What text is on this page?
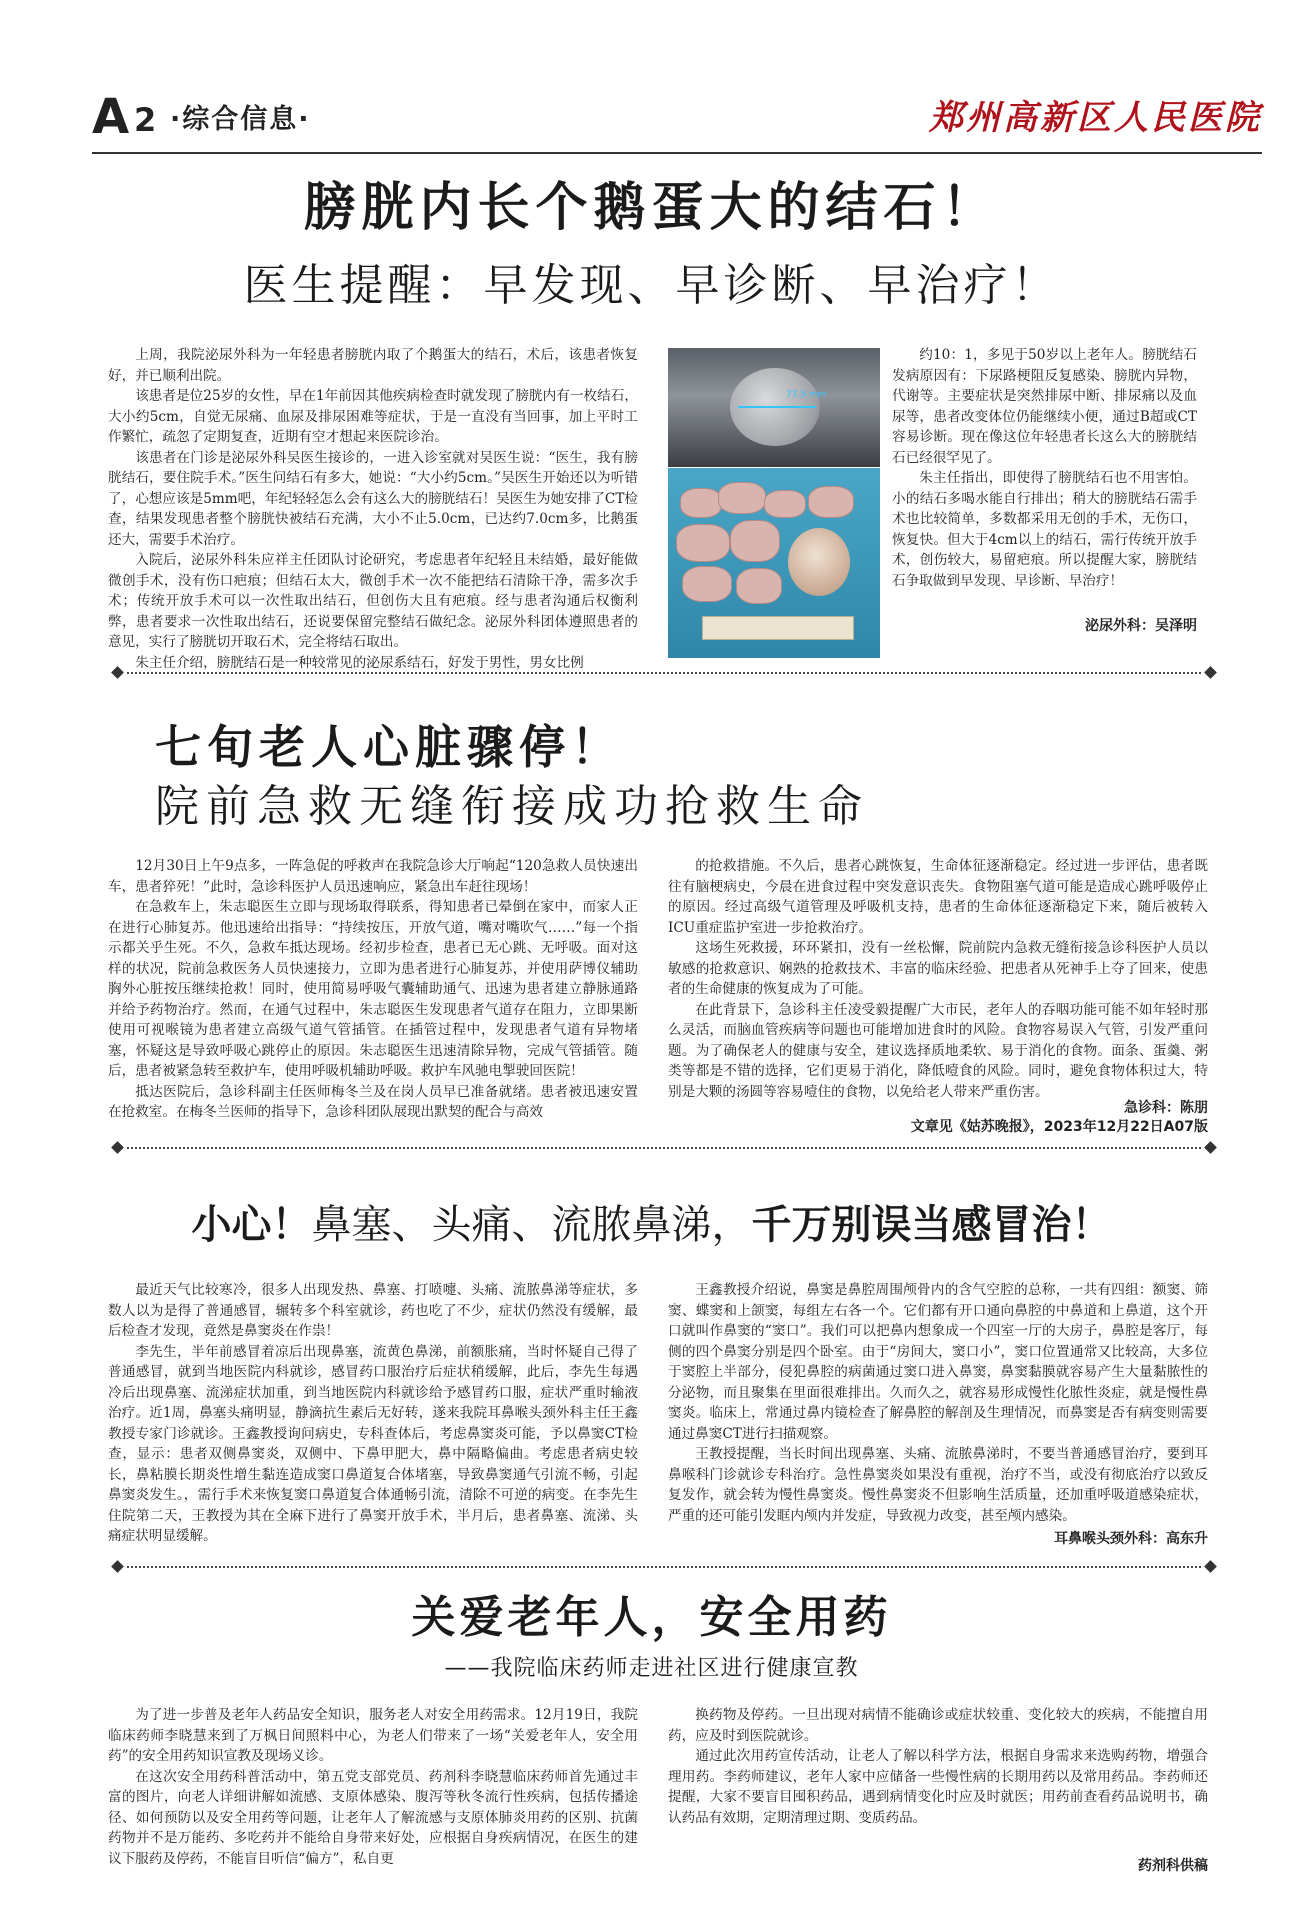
A 2 ·综合信息·	郑州高新区人民医院
膀胱内长个鹅蛋大的结石！
医生提醒：早发现、早诊断、早治疗！

上周，我院泌尿外科为一年轻患者膀胱内取了个鹅蛋大的结石，术后，该患者恢复好，并已顺利出院。

该患者是位25岁的女性，早在1年前因其他疾病检查时就发现了膀胱内有一枚结石，大小约5cm，自觉无尿痛、血尿及排尿困难等症状，于是一直没有当回事，加上平时工作繁忙，疏忽了定期复查，近期有空才想起来医院诊治。

该患者在门诊是泌尿外科吴医生接诊的，一进入诊室就对吴医生说：“医生，我有膀胱结石，要住院手术。”医生问结石有多大，她说：“大小约5cm。”吴医生开始还以为听错了，心想应该是5mm吧，年纪轻轻怎么会有这么大的膀胱结石！吴医生为她安排了CT检查，结果发现患者整个膀胱快被结石充满，大小不止5.0cm，已达约7.0cm多，比鹅蛋还大，需要手术治疗。

入院后，泌尿外科朱应祥主任团队讨论研究，考虑患者年纪轻且未结婚，最好能做微创手术，没有伤口疤痕；但结石太大，微创手术一次不能把结石清除干净，需多次手术；传统开放手术可以一次性取出结石，但创伤大且有疤痕。经与患者沟通后权衡利弊，患者要求一次性取出结石，还说要保留完整结石做纪念。泌尿外科团体遵照患者的意见，实行了膀胱切开取石术，完全将结石取出。

朱主任介绍，膀胱结石是一种较常见的泌尿系结石，好发于男性，男女比例

77.5 mm

约10：1，多见于50岁以上老年人。膀胱结石发病原因有：下尿路梗阻反复感染、膀胱内异物，代谢等。主要症状是突然排尿中断、排尿痛以及血尿等，患者改变体位仍能继续小便，通过B超或CT容易诊断。现在像这位年轻患者长这么大的膀胱结石已经很罕见了。

朱主任指出，即使得了膀胱结石也不用害怕。小的结石多喝水能自行排出；稍大的膀胱结石需手术也比较简单，多数都采用无创的手术，无伤口，恢复快。但大于4cm以上的结石，需行传统开放手术，创伤较大，易留疤痕。所以提醒大家，膀胱结石争取做到早发现、早诊断、早治疗！

泌尿外科：吴泽明
七旬老人心脏骤停！
院前急救无缝衔接成功抢救生命

12月30日上午9点多，一阵急促的呼救声在我院急诊大厅响起“120急救人员快速出车，患者猝死！”此时，急诊科医护人员迅速响应，紧急出车赶往现场！

在急救车上，朱志聪医生立即与现场取得联系，得知患者已晕倒在家中，而家人正在进行心肺复苏。他迅速给出指导：“持续按压，开放气道，嘴对嘴吹气……”每一个指示都关乎生死。不久，急救车抵达现场。经初步检查，患者已无心跳、无呼吸。面对这样的状况，院前急救医务人员快速接力，立即为患者进行心肺复苏，并使用萨博仪辅助胸外心脏按压继续抢救！同时，使用简易呼吸气囊辅助通气、迅速为患者建立静脉通路并给予药物治疗。然而，在通气过程中，朱志聪医生发现患者气道存在阻力，立即果断使用可视喉镜为患者建立高级气道气管插管。在插管过程中，发现患者气道有异物堵塞，怀疑这是导致呼吸心跳停止的原因。朱志聪医生迅速清除异物，完成气管插管。随后，患者被紧急转至救护车，使用呼吸机辅助呼吸。救护车风驰电掣驶回医院！

抵达医院后，急诊科副主任医师梅冬兰及在岗人员早已准备就绪。患者被迅速安置在抢救室。在梅冬兰医师的指导下，急诊科团队展现出默契的配合与高效

的抢救措施。不久后，患者心跳恢复，生命体征逐渐稳定。经过进一步评估，患者既往有脑梗病史，今晨在进食过程中突发意识丧失。食物阻塞气道可能是造成心跳呼吸停止的原因。经过高级气道管理及呼吸机支持，患者的生命体征逐渐稳定下来，随后被转入ICU重症监护室进一步抢救治疗。

这场生死救援，环环紧扣，没有一丝松懈，院前院内急救无缝衔接急诊科医护人员以敏感的抢救意识、娴熟的抢救技术、丰富的临床经验、把患者从死神手上夺了回来，使患者的生命健康的恢复成为了可能。

在此背景下，急诊科主任凌受毅提醒广大市民，老年人的吞咽功能可能不如年轻时那么灵活，而脑血管疾病等问题也可能增加进食时的风险。食物容易误入气管，引发严重问题。为了确保老人的健康与安全，建议选择质地柔软、易于消化的食物。面条、蛋羹、粥类等都是不错的选择，它们更易于消化，降低噎食的风险。同时，避免食物体积过大，特别是大颗的汤圆等容易噎住的食物，以免给老人带来严重伤害。

急诊科：陈朋
文章见《姑苏晚报》，2023年12月22日A07版
小心！鼻塞、头痛、流脓鼻涕，千万别误当感冒治！

最近天气比较寒冷，很多人出现发热、鼻塞、打喷嚏、头痛、流脓鼻涕等症状，多数人以为是得了普通感冒，辗转多个科室就诊，药也吃了不少，症状仍然没有缓解，最后检查才发现，竟然是鼻窦炎在作祟！

李先生，半年前感冒着凉后出现鼻塞，流黄色鼻涕，前额胀痛，当时怀疑自己得了普通感冒，就到当地医院内科就诊，感冒药口服治疗后症状稍缓解，此后，李先生每遇冷后出现鼻塞、流涕症状加重，到当地医院内科就诊给予感冒药口服，症状严重时输液治疗。近1周，鼻塞头痛明显，静滴抗生素后无好转，遂来我院耳鼻喉头颈外科主任王鑫教授专家门诊就诊。王鑫教授询问病史，专科查体后，考虑鼻窦炎可能，予以鼻窦CT检查，显示：患者双侧鼻窦炎，双侧中、下鼻甲肥大，鼻中隔略偏曲。考虑患者病史较长，鼻粘膜长期炎性增生黏连造成窦口鼻道复合体堵塞，导致鼻窦通气引流不畅，引起鼻窦炎发生。，需行手术来恢复窦口鼻道复合体通畅引流，清除不可逆的病变。在李先生住院第二天，王教授为其在全麻下进行了鼻窦开放手术，半月后，患者鼻塞、流涕、头痛症状明显缓解。

王鑫教授介绍说，鼻窦是鼻腔周围颅骨内的含气空腔的总称，一共有四组：额窦、筛窦、蝶窦和上颌窦，每组左右各一个。它们都有开口通向鼻腔的中鼻道和上鼻道，这个开口就叫作鼻窦的“窦口”。我们可以把鼻内想象成一个四室一厅的大房子，鼻腔是客厅，每侧的四个鼻窦分别是四个卧室。由于“房间大，窦口小”，窦口位置通常又比较高，大多位于窦腔上半部分，侵犯鼻腔的病菌通过窦口进入鼻窦，鼻窦黏膜就容易产生大量黏脓性的分泌物，而且聚集在里面很难排出。久而久之，就容易形成慢性化脓性炎症，就是慢性鼻窦炎。临床上，常通过鼻内镜检查了解鼻腔的解剖及生理情况，而鼻窦是否有病变则需要通过鼻窦CT进行扫描观察。

王教授提醒，当长时间出现鼻塞、头痛、流脓鼻涕时，不要当普通感冒治疗，要到耳鼻喉科门诊就诊专科治疗。急性鼻窦炎如果没有重视，治疗不当，或没有彻底治疗以致反复发作，就会转为慢性鼻窦炎。慢性鼻窦炎不但影响生活质量，还加重呼吸道感染症状，严重的还可能引发眶内颅内并发症，导致视力改变，甚至颅内感染。

耳鼻喉头颈外科：高东升
关爱老年人，安全用药
——我院临床药师走进社区进行健康宣教

为了进一步普及老年人药品安全知识，服务老人对安全用药需求。12月19日，我院临床药师李晓慧来到了万枫日间照料中心，为老人们带来了一场“关爱老年人，安全用药”的安全用药知识宣教及现场义诊。

在这次安全用药科普活动中，第五党支部党员、药剂科李晓慧临床药师首先通过丰富的图片，向老人详细讲解如流感、支原体感染、腹泻等秋冬流行性疾病，包括传播途径、如何预防以及安全用药等问题，让老年人了解流感与支原体肺炎用药的区别、抗菌药物并不是万能药、多吃药并不能给自身带来好处，应根据自身疾病情况，在医生的建议下服药及停药，不能盲目听信“偏方”，私自更

换药物及停药。一旦出现对病情不能确诊或症状较重、变化较大的疾病，不能擅自用药，应及时到医院就诊。

通过此次用药宣传活动，让老人了解以科学方法，根据自身需求来选购药物，增强合理用药。李药师建议，老年人家中应储备一些慢性病的长期用药以及常用药品。李药师还提醒，大家不要盲目囤积药品，遇到病情变化时应及时就医；用药前查看药品说明书，确认药品有效期，定期清理过期、变质药品。

药剂科供稿
